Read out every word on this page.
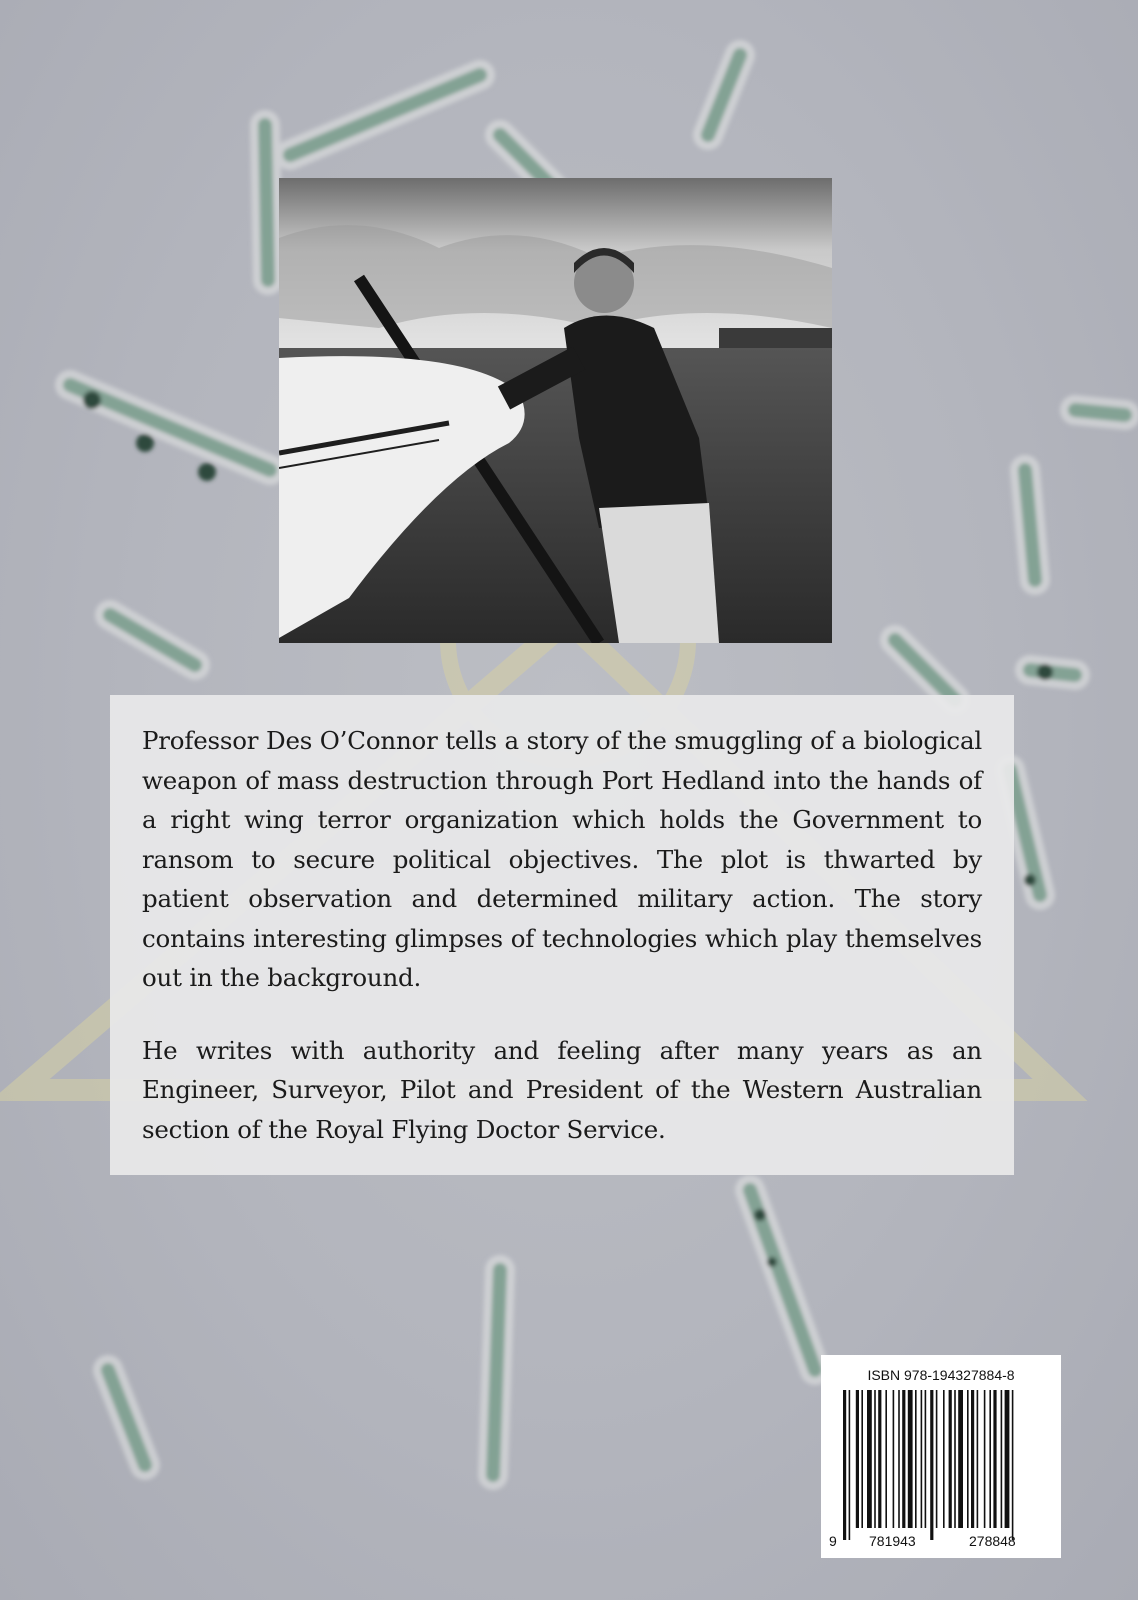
Professor Des O’Connor tells a story of the smuggling of a biological weapon of mass destruction through Port Hedland into the hands of a right wing terror organization which holds the Government to ransom to secure political objectives. The plot is thwarted by patient observation and determined military action. The story contains interesting glimpses of technologies which play themselves out in the background.

He writes with authority and feeling after many years as an Engineer, Surveyor, Pilot and President of the Western Australian section of the Royal Flying Doctor Service.

ISBN 978-194327884-8
9 781943	278848
